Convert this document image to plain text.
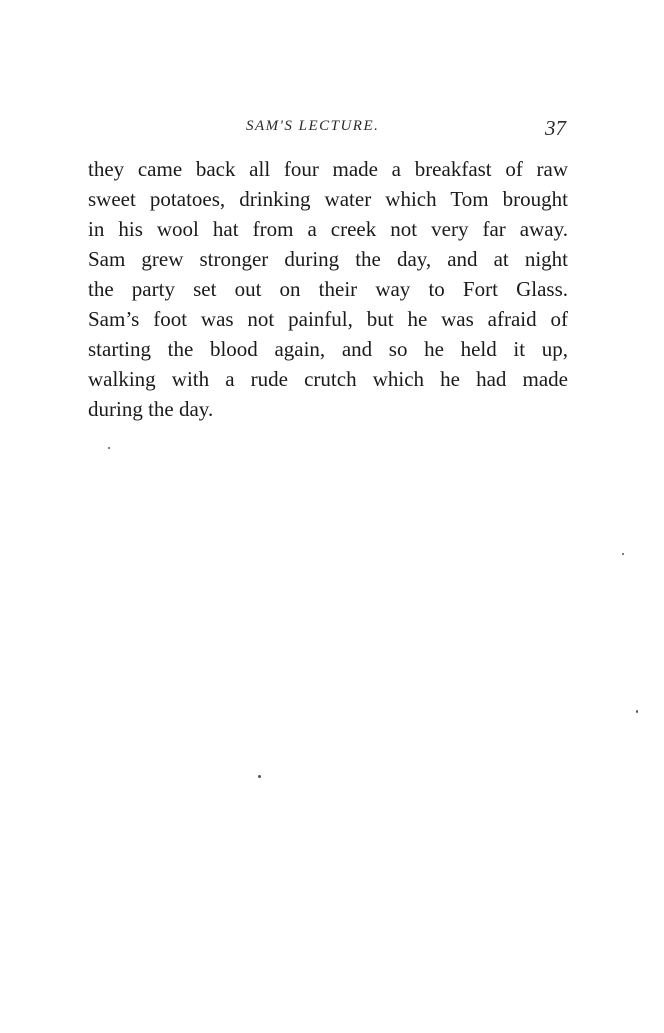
SAM'S LECTURE.	37
they came back all four made a breakfast of raw
sweet potatoes, drinking water which Tom brought
in his wool hat from a creek not very far away.
Sam grew stronger during the day, and at night
the party set out on their way to Fort Glass.
Sam’s foot was not painful, but he was afraid of
starting the blood again, and so he held it up,
walking with a rude crutch which he had made
during the day.
